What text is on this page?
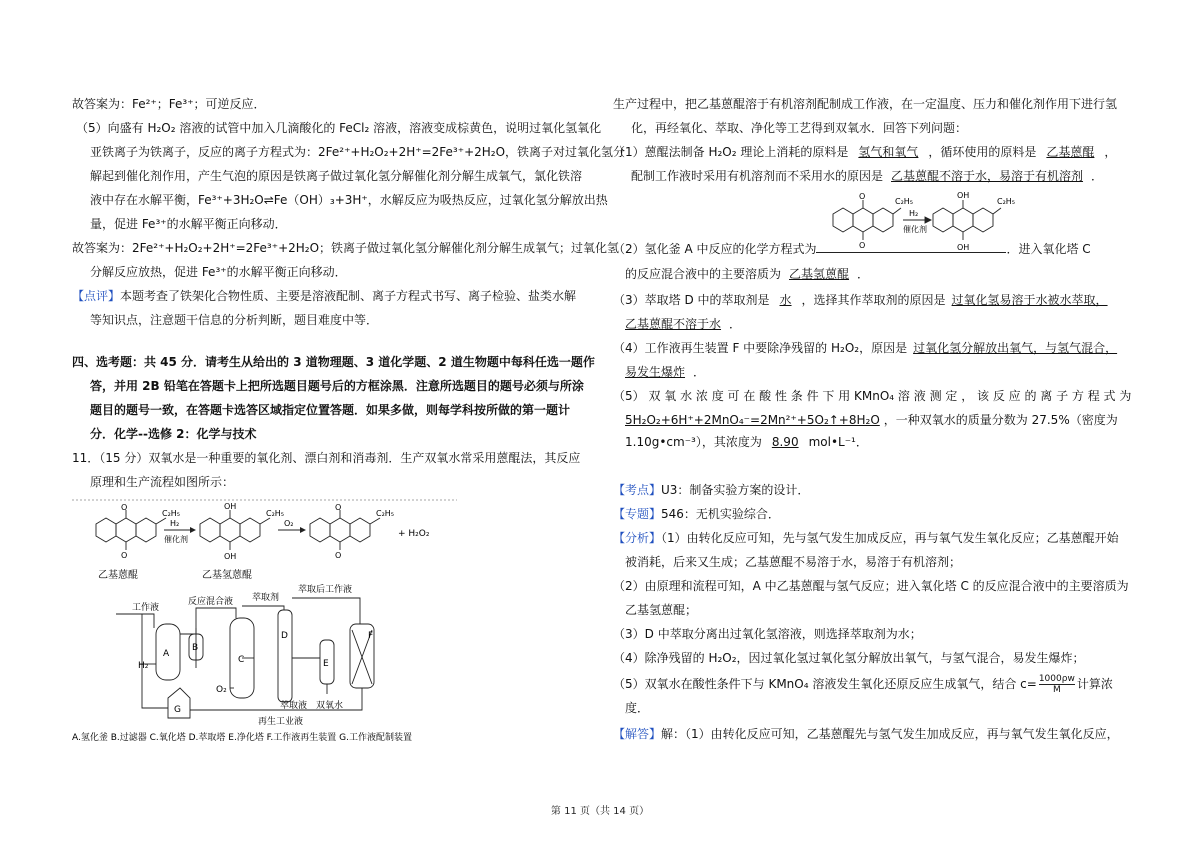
故答案为：Fe²⁺；Fe³⁺；可逆反应．
（5）向盛有 H₂O₂ 溶液的试管中加入几滴酸化的 FeCl₂ 溶液，溶液变成棕黄色，说明过氧化氢氧化
亚铁离子为铁离子，反应的离子方程式为：2Fe²⁺+H₂O₂+2H⁺=2Fe³⁺+2H₂O，铁离子对过氧化氢分
解起到催化剂作用，产生气泡的原因是铁离子做过氧化氢分解催化剂分解生成氧气，氯化铁溶
液中存在水解平衡，Fe³⁺+3H₂O⇌Fe（OH）₃+3H⁺，水解反应为吸热反应，过氧化氢分解放出热
量，促进 Fe³⁺的水解平衡正向移动．
故答案为：2Fe²⁺+H₂O₂+2H⁺=2Fe³⁺+2H₂O；铁离子做过氧化氢分解催化剂分解生成氧气；过氧化氢
分解反应放热，促进 Fe³⁺的水解平衡正向移动．
【点评】本题考查了铁架化合物性质、主要是溶液配制、离子方程式书写、离子检验、盐类水解
等知识点，注意题干信息的分析判断，题目难度中等．
四、选考题：共 45 分．请考生从给出的 3 道物理题、3 道化学题、2 道生物题中每科任选一题作
答，并用 2B 铅笔在答题卡上把所选题目题号后的方框涂黑．注意所选题目的题号必须与所涂
题目的题号一致，在答题卡选答区域指定位置答题．如果多做，则每学科按所做的第一题计
分．化学--选修 2：化学与技术
11．（15 分）双氧水是一种重要的氧化剂、漂白剂和消毒剂．生产双氧水常采用蒽醌法，其反应
原理和生产流程如图所示：
O
O
C₂H₅
乙基蒽醌
H₂
催化剂
OH
OH
C₂H₅
乙基氢蒽醌
O₂
O
O
C₂H₅
+ H₂O₂
工作液
反应混合液 萃取剂
萃取后工作液
H₂
O₂
萃取液 双氧水
再生工业液
A
B
C
D
E
F
G
A.氢化釜 B.过滤器 C.氧化塔 D.萃取塔 E.净化塔 F.工作液再生装置 G.工作液配制装置
生产过程中，把乙基蒽醌溶于有机溶剂配制成工作液，在一定温度、压力和催化剂作用下进行氢
化，再经氧化、萃取、净化等工艺得到双氧水．回答下列问题：
（1）蒽醌法制备 H₂O₂ 理论上消耗的原料是 氢气和氧气 ，循环使用的原料是 乙基蒽醌 ，
配制工作液时采用有机溶剂而不采用水的原因是 乙基蒽醌不溶于水，易溶于有机溶剂 ．
O
O
C₂H₅
H₂
催化剂
OH
OH
C₂H₅
（2）氢化釜 A 中反应的化学方程式为	．进入氧化塔 C
的反应混合液中的主要溶质为 乙基氢蒽醌 ．
（3）萃取塔 D 中的萃取剂是 水 ，选择其作萃取剂的原因是 过氧化氢易溶于水被水萃取，
乙基蒽醌不溶于水 ．
（4）工作液再生装置 F 中要除净残留的 H₂O₂，原因是 过氧化氢分解放出氧气，与氢气混合，
易发生爆炸 ．
（5） 双 氧 水 浓 度 可 在 酸 性 条 件 下 用 KMnO₄ 溶 液 测 定 ， 该 反 应 的 离 子 方 程 式 为
5H₂O₂+6H⁺+2MnO₄⁻=2Mn²⁺+5O₂↑+8H₂O ，一种双氧水的质量分数为 27.5%（密度为
1.10g•cm⁻³），其浓度为 8.90 mol•L⁻¹．
【考点】U3：制备实验方案的设计．
【专题】546：无机实验综合．
【分析】（1）由转化反应可知，先与氢气发生加成反应，再与氧气发生氧化反应；乙基蒽醌开始
被消耗，后来又生成；乙基蒽醌不易溶于水，易溶于有机溶剂；
（2）由原理和流程可知，A 中乙基蒽醌与氢气反应；进入氧化塔 C 的反应混合液中的主要溶质为
乙基氢蒽醌；
（3）D 中萃取分离出过氧化氢溶液，则选择萃取剂为水；
（4）除净残留的 H₂O₂，因过氧化氢过氧化氢分解放出氧气，与氢气混合，易发生爆炸；
（5）双氧水在酸性条件下与 KMnO₄ 溶液发生氧化还原反应生成氧气，结合 $c= \frac{1000\rho w}{M}$ 计算浓
度．
【解答】解：（1）由转化反应可知，乙基蒽醌先与氢气发生加成反应，再与氧气发生氧化反应，
第 11 页（共 14 页）
